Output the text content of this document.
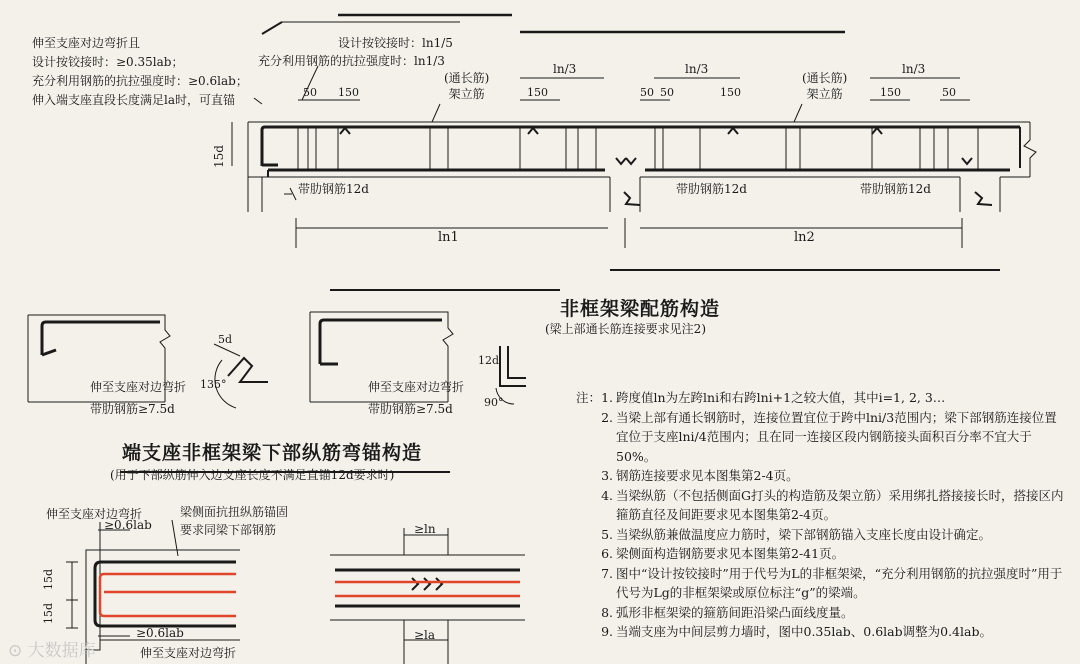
伸至支座对边弯折且
设计按铰接时：≥0.35lab；
充分利用钢筋的抗拉强度时：≥0.6lab；
伸入端支座直段长度满足la时，可直锚
设计按铰接时：ln1/5
充分利用钢筋的抗拉强度时：ln1/3
ln/3	ln/3	ln/3
50 150	150	50 50	150	150	50
(通长筋)
架立筋
(通长筋)
架立筋
15d
带肋钢筋12d	带肋钢筋12d	带肋钢筋12d
ln1	ln2
非框架梁配筋构造
(梁上部通长筋连接要求见注2)
伸至支座对边弯折
带肋钢筋≥7.5d
5d
135°	伸至支座对边弯折
带肋钢筋≥7.5d
12d
90°
端支座非框架梁下部纵筋弯锚构造
(用于下部纵筋伸入边支座长度不满足直锚12d要求时)
伸至支座对边弯折
≥0.6lab
梁侧面抗扭纵筋锚固
要求同梁下部钢筋
15d
15d
≥0.6lab
伸至支座对边弯折
≥ln
≥la
注：1. 跨度值ln为左跨lni和右跨lni+1之较大值，其中i=1, 2, 3…
2. 当梁上部有通长钢筋时，连接位置宜位于跨中lni/3范围内；梁下部钢筋连接位置宜位于支座lni/4范围内；且在同一连接区段内钢筋接头面积百分率不宜大于50%。
3. 钢筋连接要求见本图集第2-4页。
4. 当梁纵筋（不包括侧面G打头的构造筋及架立筋）采用绑扎搭接接长时，搭接区内箍筋直径及间距要求见本图集第2-4页。
5. 当梁纵筋兼做温度应力筋时，梁下部钢筋锚入支座长度由设计确定。
6. 梁侧面构造钢筋要求见本图集第2-41页。
7. 图中“设计按铰接时”用于代号为L的非框架梁，“充分利用钢筋的抗拉强度时”用于代号为Lg的非框架梁或原位标注“g”的梁端。
8. 弧形非框架梁的箍筋间距沿梁凸面线度量。
9. 当端支座为中间层剪力墙时，图中0.35lab、0.6lab调整为0.4lab。
⊙ 大数据库
